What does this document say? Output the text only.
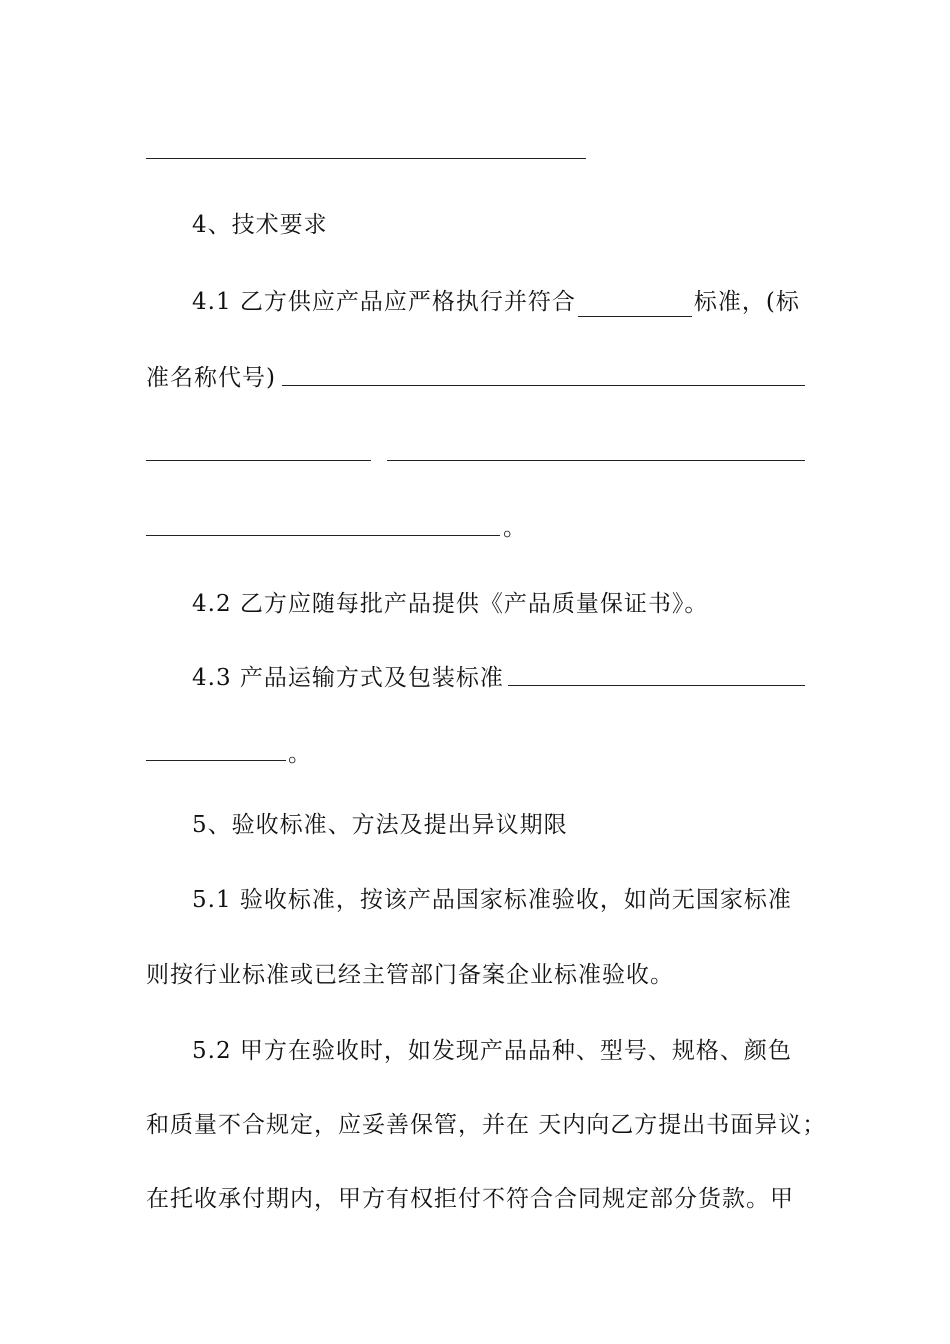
4、技术要求
4.1 乙方供应产品应严格执行并符合	标准，(标
准名称代号)
。
4.2 乙方应随每批产品提供《产品质量保证书》。
4.3 产品运输方式及包装标准
。
5、验收标准、方法及提出异议期限
5.1 验收标准，按该产品国家标准验收，如尚无国家标准
则按行业标准或已经主管部门备案企业标准验收。
5.2 甲方在验收时，如发现产品品种、型号、规格、颜色
和质量不合规定，应妥善保管，并在 天内向乙方提出书面异议；
在托收承付期内，甲方有权拒付不符合合同规定部分货款。甲
